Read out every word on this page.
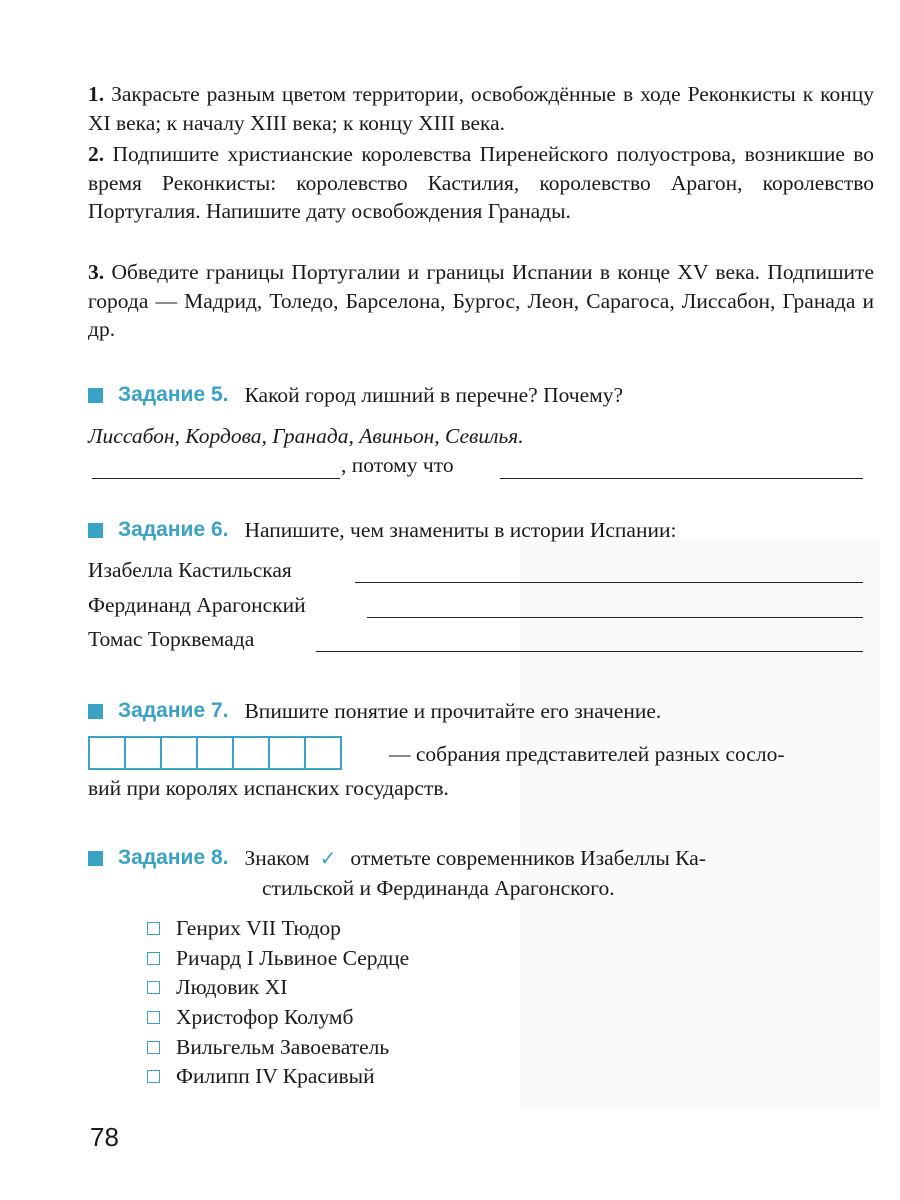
1. Закрасьте разным цветом территории, освобождённые в ходе Реконкисты к концу XI века; к началу XIII века; к концу XIII века.
2. Подпишите христианские королевства Пиренейского полуострова, возникшие во время Реконкисты: королевство Кастилия, королевство Арагон, королевство Португалия. Напишите дату освобождения Гранады.
3. Обведите границы Португалии и границы Испании в конце XV века. Подпишите города — Мадрид, Толедо, Барселона, Бургос, Леон, Сарагоса, Лиссабон, Гранада и др.
Задание 5. Какой город лишний в перечне? Почему?
Лиссабон, Кордова, Гранада, Авиньон, Севилья.
, потому что
Задание 6. Напишите, чем знамениты в истории Испании:
Изабелла Кастильская
Фердинанд Арагонский
Томас Торквемада
Задание 7. Впишите понятие и прочитайте его значение.
— собрания представителей разных сосло-
вий при королях испанских государств.
Задание 8. Знаком ✓ отметьте современников Изабеллы Ка-
стильской и Фердинанда Арагонского.
Генрих VII Тюдор
Ричард I Львиное Сердце
Людовик XI
Христофор Колумб
Вильгельм Завоеватель
Филипп IV Красивый
78
